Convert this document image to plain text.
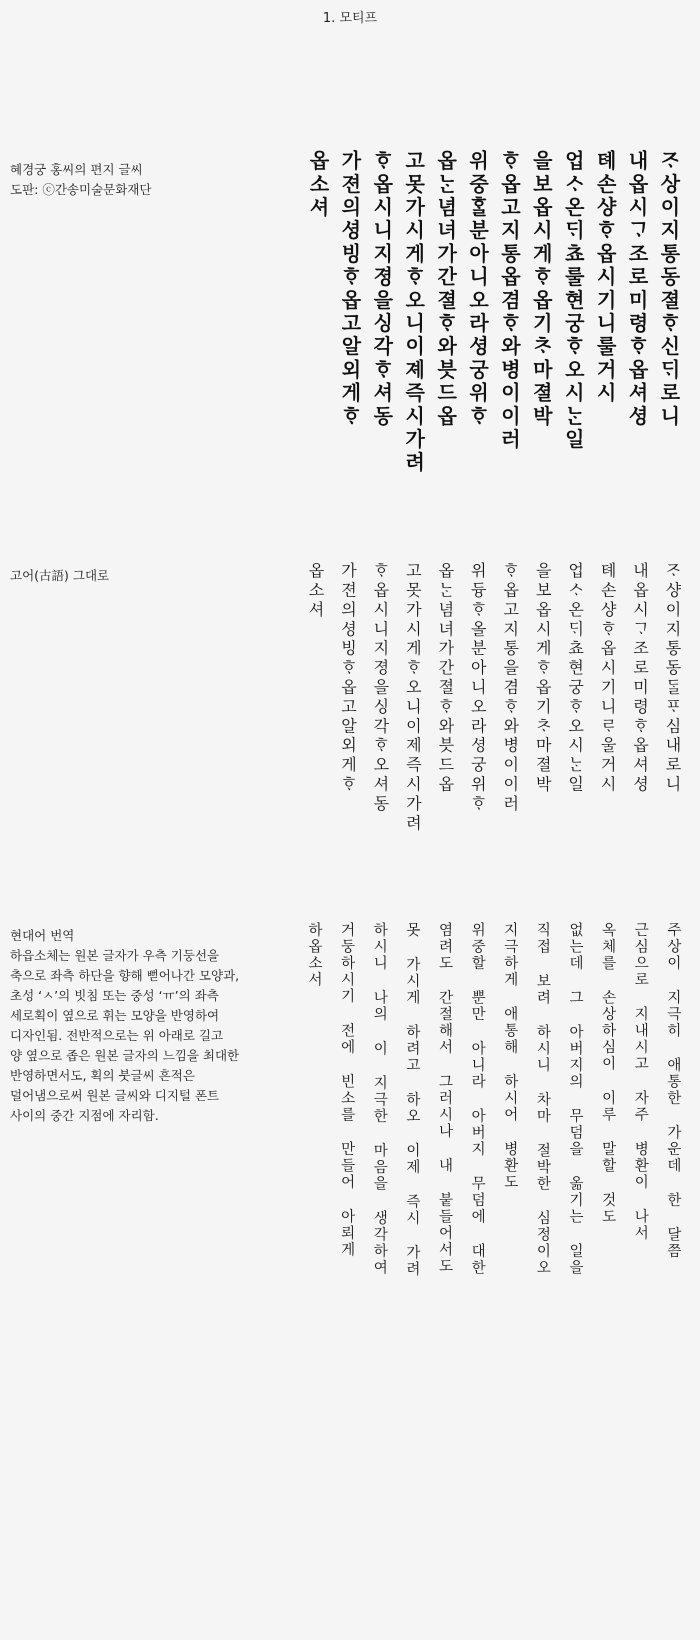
1. 모티프

혜경궁 홍씨의 편지 글씨

도판: ⓒ간송미술문화재단	ᄌᆞ상이지통동졀ᄒᆞ신ᄃᆡ로니
내옵시ᄀᆞ조로미령ᄒᆞ옵셔셩
톄손샹ᄒᆞ옵시기니룰거시
업ᄉᆞ온ᄃᆡ쵸룰현궁ᄒᆞ오시ᄂᆞᆫ일
을보옵시게ᄒᆞ옵기ᄎᆞ마졀박
ᄒᆞ옵고지통옵겸ᄒᆞ와병이이러
위중ᄒᆞᆯ분아니오라셩궁위ᄒᆞ
옵ᄂᆞᆫ념녀가간졀ᄒᆞ와븟드옵
고못가시게ᄒᆞ오니이졔즉시가려
ᄒᆞ옵시니지졍을싱각ᄒᆞ셔동
가젼의셩빙ᄒᆞ옵고알외게ᄒᆞ
옵소셔

고어(古語) 그대로	ᄌᆞ샹이지통동ᄃᆞᆯᄑᆞ심내로니
내옵시ᄀᆞ조로미령ᄒᆞ옵셔셩
톄손샹ᄒᆞ옵시기니ᄅᆞ울거시
업ᄉᆞ온ᄃᆡ쵸현궁ᄒᆞ오시ᄂᆞᆫ일
을보옵시게ᄒᆞ옵기ᄎᆞ마졀박
ᄒᆞ옵고지통을겸ᄒᆞ와병이이러
위듕ᄒᆞ올분아니오라셩궁위ᄒᆞ
옵ᄂᆞᆫ념녀가간졀ᄒᆞ와븟드옵
고못가시게ᄒᆞ오니이제즉시가려
ᄒᆞ옵시니지졍을싱각ᄒᆞ오셔동
가젼의셩빙ᄒᆞ옵고알외게ᄒᆞ
옵소셔

현대어 번역

하읍소체는 원본 글자가 우측 기둥선을

축으로 좌측 하단을 향해 뻗어나간 모양과,

초성 ‘ㅅ’의 빗침 또는 중성 ‘ㅠ’의 좌측

세로획이 옆으로 휘는 모양을 반영하여

디자인됨. 전반적으로는 위 아래로 길고

양 옆으로 좁은 원본 글자의 느낌을 최대한

반영하면서도, 획의 붓글씨 흔적은

덜어냄으로써 원본 글씨와 디지털 폰트

사이의 중간 지점에 자리함.	주상이 지극히 애통한 가운데 한 달쯤
근심으로 지내시고 자주 병환이 나서
옥체를 손상하심이 이루 말할 것도
없는데 그 아버지의 무덤을 옮기는 일을
직접 보려 하시니 차마 절박한 심정이오
지극하게 애통해 하시어 병환도
위중할 뿐만 아니라 아버지 무덤에 대한
염려도 간절해서 그러시나 내 붙들어서도
못 가시게 하려고 하오 이제 즉시 가려
하시니 나의 이 지극한 마음을 생각하여
거둥하시기 전에 빈소를 만들어 아뢰게
하옵소서
